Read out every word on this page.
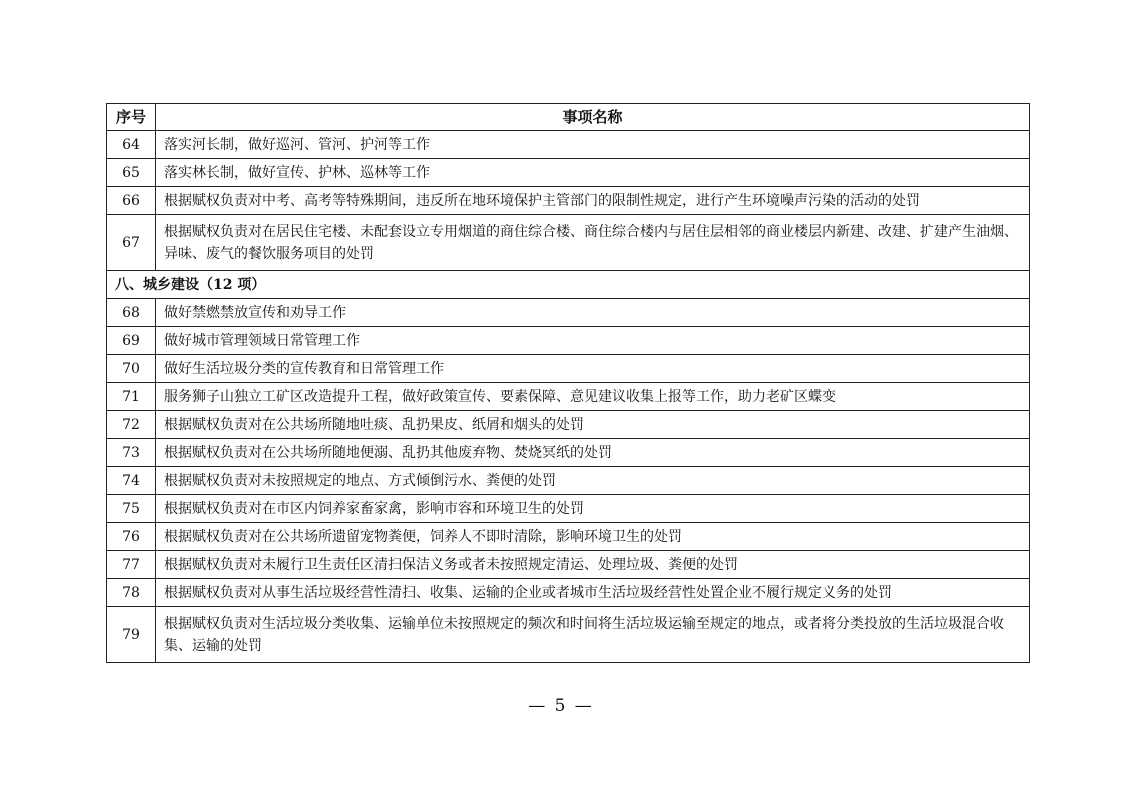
序号	事项名称
64	落实河长制，做好巡河、管河、护河等工作
65	落实林长制，做好宣传、护林、巡林等工作
66	根据赋权负责对中考、高考等特殊期间，违反所在地环境保护主管部门的限制性规定，进行产生环境噪声污染的活动的处罚
67	根据赋权负责对在居民住宅楼、未配套设立专用烟道的商住综合楼、商住综合楼内与居住层相邻的商业楼层内新建、改建、扩建产生油烟、异味、废气的餐饮服务项目的处罚
八、城乡建设（12 项）	
68	做好禁燃禁放宣传和劝导工作
69	做好城市管理领域日常管理工作
70	做好生活垃圾分类的宣传教育和日常管理工作
71	服务狮子山独立工矿区改造提升工程，做好政策宣传、要素保障、意见建议收集上报等工作，助力老矿区蝶变
72	根据赋权负责对在公共场所随地吐痰、乱扔果皮、纸屑和烟头的处罚
73	根据赋权负责对在公共场所随地便溺、乱扔其他废弃物、焚烧冥纸的处罚
74	根据赋权负责对未按照规定的地点、方式倾倒污水、粪便的处罚
75	根据赋权负责对在市区内饲养家畜家禽，影响市容和环境卫生的处罚
76	根据赋权负责对在公共场所遗留宠物粪便，饲养人不即时清除，影响环境卫生的处罚
77	根据赋权负责对未履行卫生责任区清扫保洁义务或者未按照规定清运、处理垃圾、粪便的处罚
78	根据赋权负责对从事生活垃圾经营性清扫、收集、运输的企业或者城市生活垃圾经营性处置企业不履行规定义务的处罚
79	根据赋权负责对生活垃圾分类收集、运输单位未按照规定的频次和时间将生活垃圾运输至规定的地点，或者将分类投放的生活垃圾混合收集、运输的处罚
— 5 —
